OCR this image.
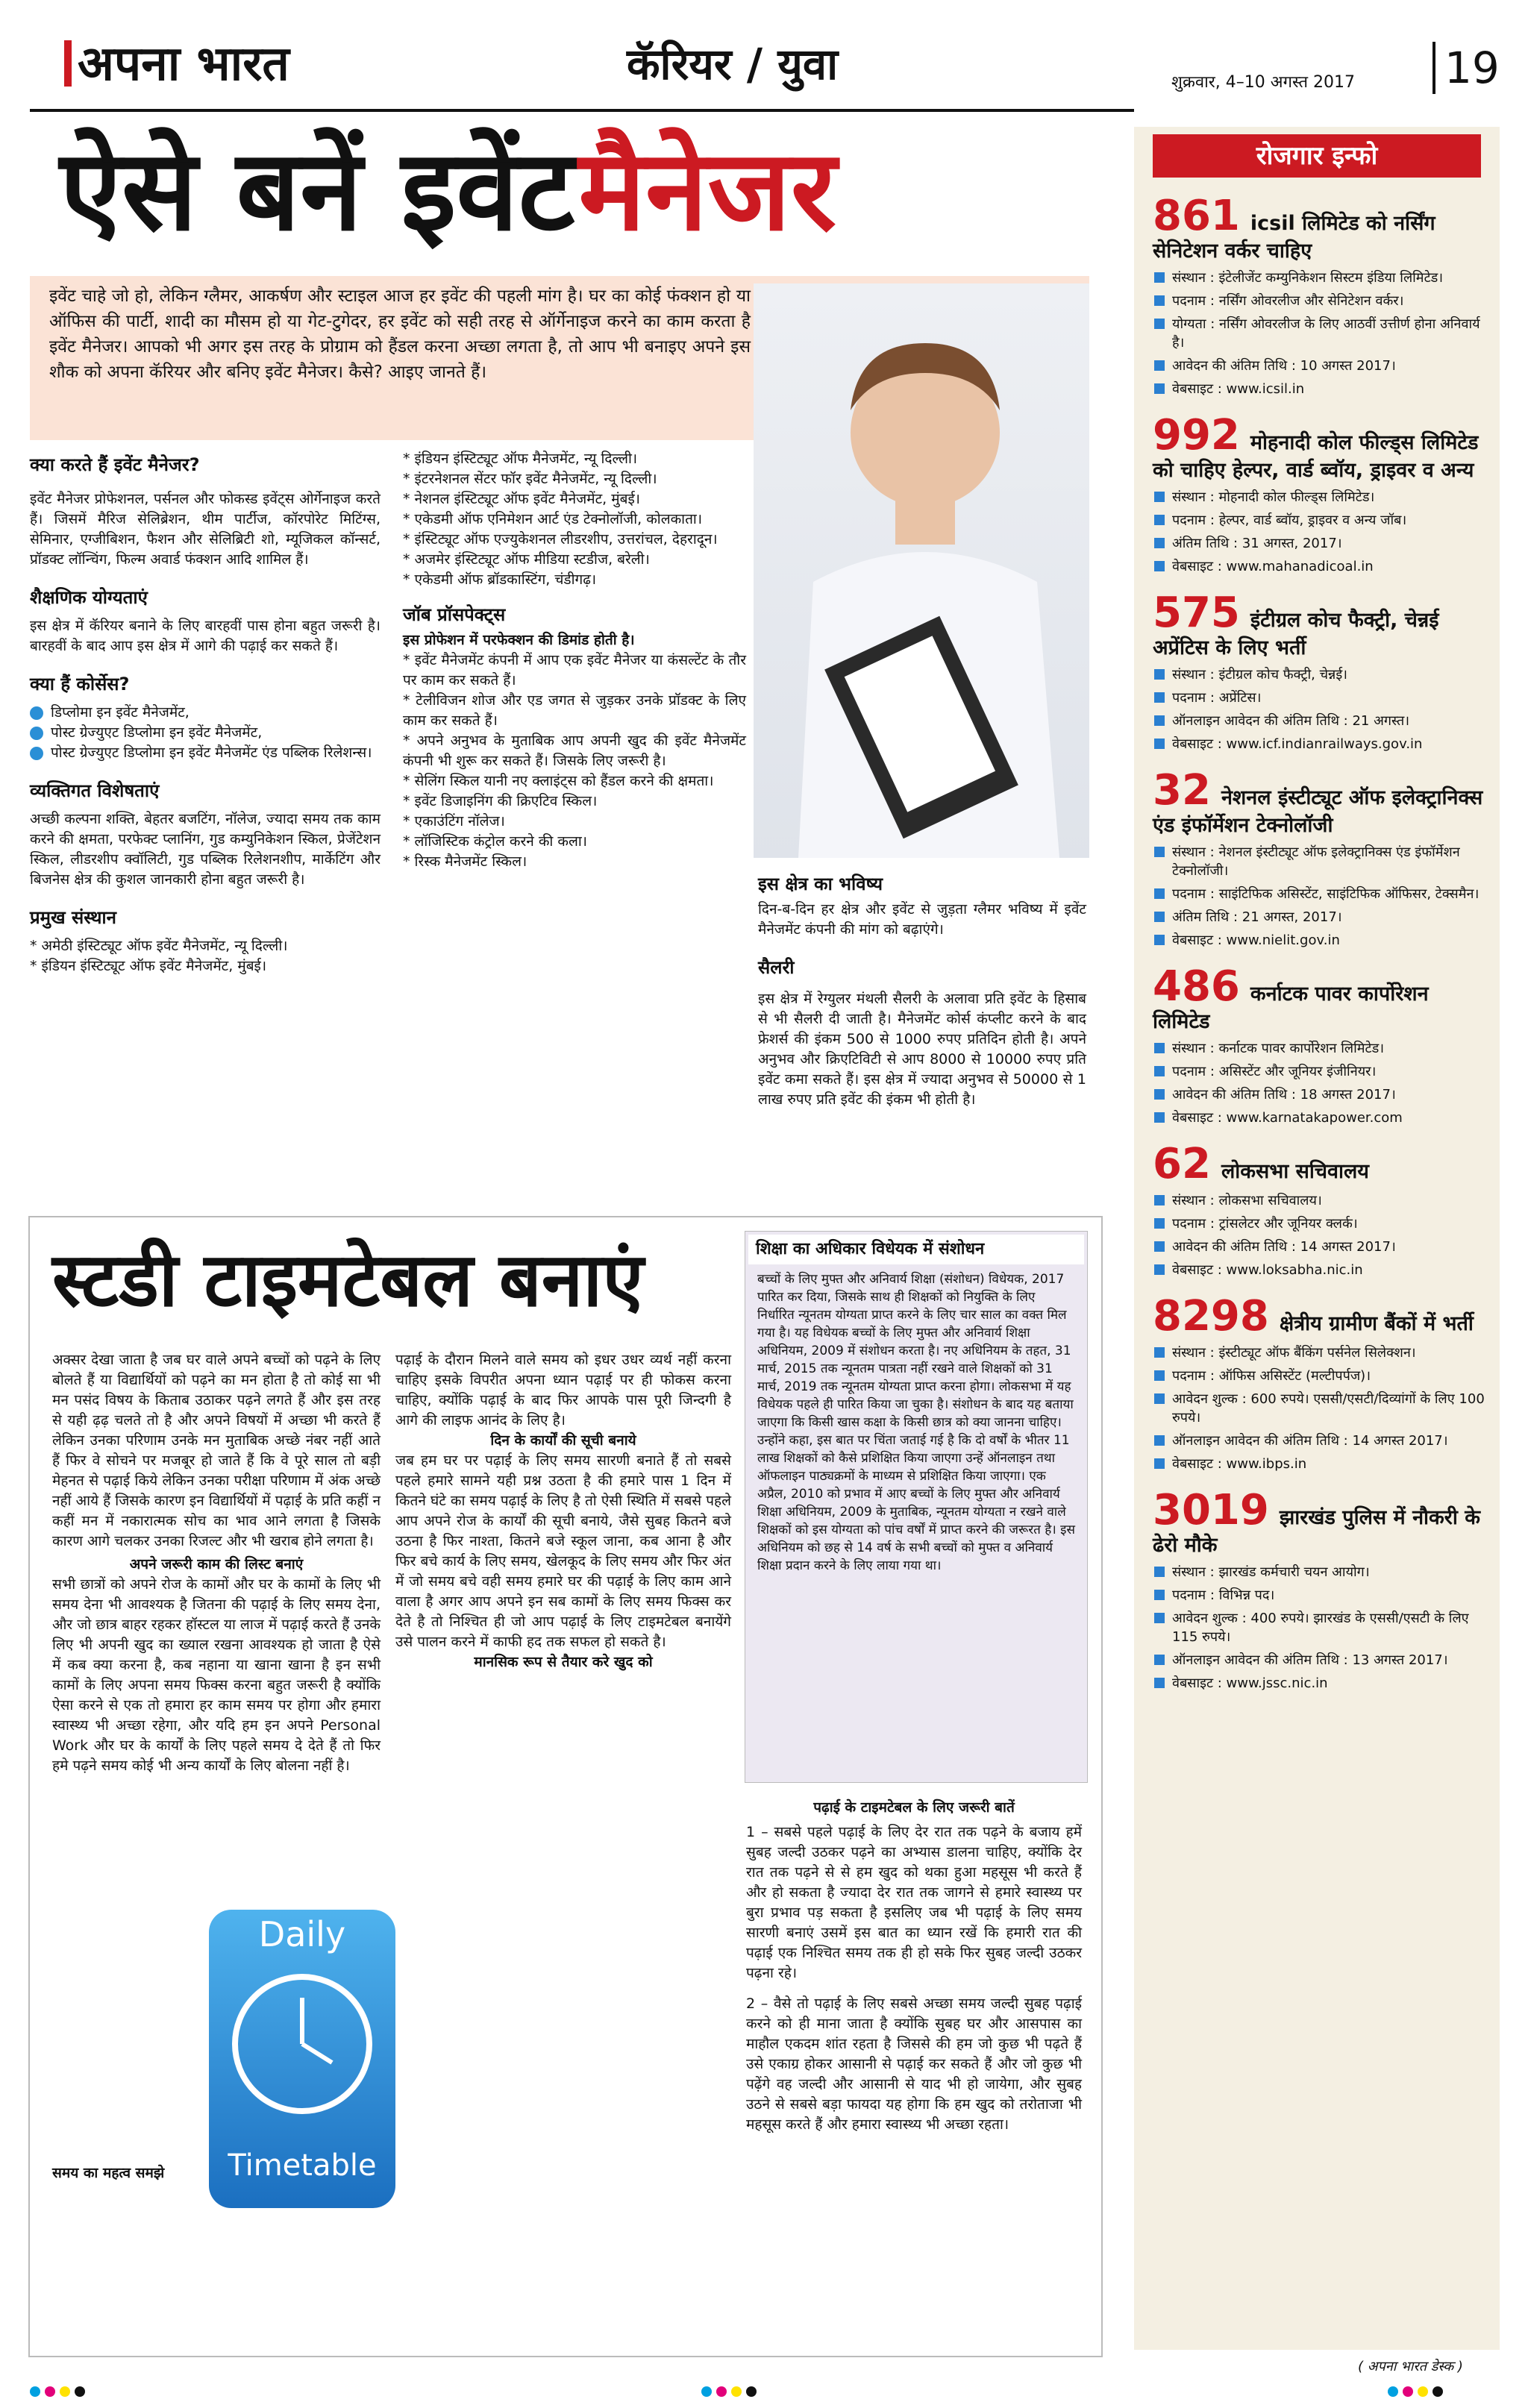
अपना भारत	कॅरियर / युवा	शुक्रवार, 4–10 अगस्त 2017 19
ऐसे बनें इवेंट मैनेजर
इवेंट चाहे जो हो, लेकिन ग्लैमर, आकर्षण और स्टाइल आज हर इवेंट की पहली मांग है। घर का कोई फंक्शन हो या ऑफिस की पार्टी, शादी का मौसम हो या गेट-टुगेदर, हर इवेंट को सही तरह से ऑर्गेनाइज करने का काम करता है इवेंट मैनेजर। आपको भी अगर इस तरह के प्रोग्राम को हैंडल करना अच्छा लगता है, तो आप भी बनाइए अपने इस शौक को अपना कॅरियर और बनिए इवेंट मैनेजर। कैसे? आइए जानते हैं।
क्या करते हैं इवेंट मैनेजर?
इवेंट मैनेजर प्रोफेशनल, पर्सनल और फोकस्ड इवेंट्स ओर्गेनाइज करते हैं। जिसमें मैरिज सेलिब्रेशन, थीम पार्टीज, कॉरपोरेट मिटिंग्स, सेमिनार, एग्जीबिशन, फैशन और सेलिब्रिटी शो, म्यूजिकल कॉन्सर्ट, प्रॉडक्ट लॉन्चिंग, फिल्म अवार्ड फंक्शन आदि शामिल हैं।
शैक्षणिक योग्यताएं
इस क्षेत्र में कॅरियर बनाने के लिए बारहवीं पास होना बहुत जरूरी है। बारहवीं के बाद आप इस क्षेत्र में आगे की पढ़ाई कर सकते हैं।
क्या हैं कोर्सेस?
डिप्लोमा इन इवेंट मैनेजमेंट,
पोस्ट ग्रेज्युएट डिप्लोमा इन इवेंट मैनेजमेंट,
पोस्ट ग्रेज्युएट डिप्लोमा इन इवेंट मैनेजमेंट एंड पब्लिक रिलेशन्स।
व्यक्तिगत विशेषताएं
अच्छी कल्पना शक्ति, बेहतर बजटिंग, नॉलेज, ज्यादा समय तक काम करने की क्षमता, परफेक्ट प्लानिंग, गुड कम्युनिकेशन स्किल, प्रेजेंटेशन स्किल, लीडरशीप क्वॉलिटी, गुड पब्लिक रिलेशनशीप, मार्केटिंग और बिजनेस क्षेत्र की कुशल जानकारी होना बहुत जरूरी है।
प्रमुख संस्थान
* अमेठी इंस्टिट्यूट ऑफ इवेंट मैनेजमेंट, न्यू दिल्ली।
* इंडियन इंस्टिट्यूट ऑफ इवेंट मैनेजमेंट, मुंबई।
* इंडियन इंस्टिट्यूट ऑफ मैनेजमेंट, न्यू दिल्ली।
* इंटरनेशनल सेंटर फॉर इवेंट मैनेजमेंट, न्यू दिल्ली।
* नेशनल इंस्टिट्यूट ऑफ इवेंट मैनेजमेंट, मुंबई।
* एकेडमी ऑफ एनिमेशन आर्ट एंड टेक्नोलॉजी, कोलकाता।
* इंस्टिट्यूट ऑफ एज्युकेशनल लीडरशीप, उत्तरांचल, देहरादून।
* अजमेर इंस्टिट्यूट ऑफ मीडिया स्टडीज, बरेली।
* एकेडमी ऑफ ब्रॉडकास्टिंग, चंडीगढ़।
जॉब प्रॉसपेक्ट्स
इस प्रोफेशन में परफेक्शन की डिमांड होती है।
* इवेंट मैनेजमेंट कंपनी में आप एक इवेंट मैनेजर या कंसल्टेंट के तौर पर काम कर सकते हैं।
* टेलीविजन शोज और एड जगत से जुड़कर उनके प्रॉडक्ट के लिए काम कर सकते हैं।
* अपने अनुभव के मुताबिक आप अपनी खुद की इवेंट मैनेजमेंट कंपनी भी शुरू कर सकते हैं। जिसके लिए जरूरी है।
* सेलिंग स्किल यानी नए क्लाइंट्स को हैंडल करने की क्षमता।
* इवेंट डिजाइनिंग की क्रिएटिव स्किल।
* एकाउंटिंग नॉलेज।
* लॉजिस्टिक कंट्रोल करने की कला।
* रिस्क मैनेजमेंट स्किल।
इस क्षेत्र का भविष्य
दिन-ब-दिन हर क्षेत्र और इवेंट से जुड़ता ग्लैमर भविष्य में इवेंट मैनेजमेंट कंपनी की मांग को बढ़ाएंगे।
सैलरी
इस क्षेत्र में रेग्युलर मंथली सैलरी के अलावा प्रति इवेंट के हिसाब से भी सैलरी दी जाती है। मैनेजमेंट कोर्स कंप्लीट करने के बाद फ्रेशर्स की इंकम 500 से 1000 रुपए प्रतिदिन होती है। अपने अनुभव और क्रिएटिविटी से आप 8000 से 10000 रुपए प्रति इवेंट कमा सकते हैं। इस क्षेत्र में ज्यादा अनुभव से 50000 से 1 लाख रुपए प्रति इवेंट की इंकम भी होती है।
स्टडी टाइमटेबल बनाएं
अक्सर देखा जाता है जब घर वाले अपने बच्चों को पढ़ने के लिए बोलते हैं या विद्यार्थियों को पढ़ने का मन होता है तो कोई सा भी मन पसंद विषय के किताब उठाकर पढ़ने लगते हैं और इस तरह से यही ढ़ढ़ चलते तो है और अपने विषयों में अच्छा भी करते हैं लेकिन उनका परिणाम उनके मन मुताबिक अच्छे नंबर नहीं आते हैं फिर वे सोचने पर मजबूर हो जाते हैं कि वे पूरे साल तो बड़ी मेहनत से पढ़ाई किये लेकिन उनका परीक्षा परिणाम में अंक अच्छे नहीं आये हैं जिसके कारण इन विद्यार्थियों में पढ़ाई के प्रति कहीं न कहीं मन में नकारात्मक सोच का भाव आने लगता है जिसके कारण आगे चलकर उनका रिजल्ट और भी खराब होने लगता है।
अपने जरूरी काम की लिस्ट बनाएं
सभी छात्रों को अपने रोज के कामों और घर के कामों के लिए भी समय देना भी आवश्यक है जितना की पढ़ाई के लिए समय देना, और जो छात्र बाहर रहकर हॉस्टल या लाज में पढ़ाई करते हैं उनके लिए भी अपनी खुद का ख्याल रखना आवश्यक हो जाता है ऐसे में कब क्या करना है, कब नहाना या खाना खाना है इन सभी कामों के लिए अपना समय फिक्स करना बहुत जरूरी है क्योंकि ऐसा करने से एक तो हमारा हर काम समय पर होगा और हमारा स्वास्थ्य भी अच्छा रहेगा, और यदि हम इन अपने Personal Work और घर के कार्यों के लिए पहले समय दे देते हैं तो फिर हमे पढ़ने समय कोई भी अन्य कार्यों के लिए बोलना नहीं है।
Daily
Timetable
समय का महत्व समझे
पढ़ाई के दौरान मिलने वाले समय को इधर उधर व्यर्थ नहीं करना चाहिए इसके विपरीत अपना ध्यान पढ़ाई पर ही फोकस करना चाहिए, क्योंकि पढ़ाई के बाद फिर आपके पास पूरी जिन्दगी है आगे की लाइफ आनंद के लिए है।
दिन के कार्यों की सूची बनाये
जब हम घर पर पढ़ाई के लिए समय सारणी बनाते हैं तो सबसे पहले हमारे सामने यही प्रश्न उठता है की हमारे पास 1 दिन में कितने घंटे का समय पढ़ाई के लिए है तो ऐसी स्थिति में सबसे पहले आप अपने रोज के कार्यों की सूची बनाये, जैसे सुबह कितने बजे उठना है फिर नाश्ता, कितने बजे स्कूल जाना, कब आना है और फिर बचे कार्य के लिए समय, खेलकूद के लिए समय और फिर अंत में जो समय बचे वही समय हमारे घर की पढ़ाई के लिए काम आने वाला है अगर आप अपने इन सब कामों के लिए समय फिक्स कर देते है तो निश्चित ही जो आप पढ़ाई के लिए टाइमटेबल बनायेंगे उसे पालन करने में काफी हद तक सफल हो सकते है।
मानसिक रूप से तैयार करे खुद को
शिक्षा का अधिकार विधेयक में संशोधन
बच्चों के लिए मुफ्त और अनिवार्य शिक्षा (संशोधन) विधेयक, 2017 पारित कर दिया, जिसके साथ ही शिक्षकों को नियुक्ति के लिए निर्धारित न्यूनतम योग्यता प्राप्त करने के लिए चार साल का वक्त मिल गया है। यह विधेयक बच्चों के लिए मुफ्त और अनिवार्य शिक्षा अधिनियम, 2009 में संशोधन करता है। नए अधिनियम के तहत, 31 मार्च, 2015 तक न्यूनतम पात्रता नहीं रखने वाले शिक्षकों को 31 मार्च, 2019 तक न्यूनतम योग्यता प्राप्त करना होगा। लोकसभा में यह विधेयक पहले ही पारित किया जा चुका है। संशोधन के बाद यह बताया जाएगा कि किसी खास कक्षा के किसी छात्र को क्या जानना चाहिए। उन्होंने कहा, इस बात पर चिंता जताई गई है कि दो वर्षों के भीतर 11 लाख शिक्षकों को कैसे प्रशिक्षित किया जाएगा उन्हें ऑनलाइन तथा ऑफलाइन पाठ्यक्रमों के माध्यम से प्रशिक्षित किया जाएगा। एक अप्रैल, 2010 को प्रभाव में आए बच्चों के लिए मुफ्त और अनिवार्य शिक्षा अधिनियम, 2009 के मुताबिक, न्यूनतम योग्यता न रखने वाले शिक्षकों को इस योग्यता को पांच वर्षों में प्राप्त करने की जरूरत है। इस अधिनियम को छह से 14 वर्ष के सभी बच्चों को मुफ्त व अनिवार्य शिक्षा प्रदान करने के लिए लाया गया था।
पढ़ाई के टाइमटेबल के लिए जरूरी बातें
1 – सबसे पहले पढ़ाई के लिए देर रात तक पढ़ने के बजाय हमें सुबह जल्दी उठकर पढ़ने का अभ्यास डालना चाहिए, क्योंकि देर रात तक पढ़ने से से हम खुद को थका हुआ महसूस भी करते हैं और हो सकता है ज्यादा देर रात तक जागने से हमारे स्वास्थ्य पर बुरा प्रभाव पड़ सकता है इसलिए जब भी पढ़ाई के लिए समय सारणी बनाएं उसमें इस बात का ध्यान रखें कि हमारी रात की पढ़ाई एक निश्चित समय तक ही हो सके फिर सुबह जल्दी उठकर पढ़ना रहे।
2 – वैसे तो पढ़ाई के लिए सबसे अच्छा समय जल्दी सुबह पढ़ाई करने को ही माना जाता है क्योंकि सुबह घर और आसपास का माहौल एकदम शांत रहता है जिससे की हम जो कुछ भी पढ़ते हैं उसे एकाग्र होकर आसानी से पढ़ाई कर सकते हैं और जो कुछ भी पढ़ेंगे वह जल्दी और आसानी से याद भी हो जायेगा, और सुबह उठने से सबसे बड़ा फायदा यह होगा कि हम खुद को तरोताजा भी महसूस करते हैं और हमारा स्वास्थ्य भी अच्छा रहता।
रोजगार इन्फो
861 icsil लिमिटेड को नर्सिंग सेनिटेशन वर्कर चाहिए
संस्थान : इंटेलीजेंट कम्युनिकेशन सिस्टम इंडिया लिमिटेड।
पदनाम : नर्सिंग ओवरलीज और सेनिटेशन वर्कर।
योग्यता : नर्सिंग ओवरलीज के लिए आठवीं उत्तीर्ण होना अनिवार्य है।
आवेदन की अंतिम तिथि : 10 अगस्त 2017।
वेबसाइट : www.icsil.in
992 मोहनादी कोल फील्ड्स लिमिटेड को चाहिए हेल्पर, वार्ड ब्वॉय, ड्राइवर व अन्य
संस्थान : मोहनादी कोल फील्ड्स लिमिटेड।
पदनाम : हेल्पर, वार्ड ब्वॉय, ड्राइवर व अन्य जॉब।
अंतिम तिथि : 31 अगस्त, 2017।
वेबसाइट : www.mahanadicoal.in
575 इंटीग्रल कोच फैक्ट्री, चेन्नई अप्रेंटिस के लिए भर्ती
संस्थान : इंटीग्रल कोच फैक्ट्री, चेन्नई।
पदनाम : अप्रेंटिस।
ऑनलाइन आवेदन की अंतिम तिथि : 21 अगस्त।
वेबसाइट : www.icf.indianrailways.gov.in
32 नेशनल इंस्टीट्यूट ऑफ इलेक्ट्रानिक्स एंड इंफॉर्मेशन टेक्नोलॉजी
संस्थान : नेशनल इंस्टीट्यूट ऑफ इलेक्ट्रानिक्स एंड इंफॉर्मेशन टेक्नोलॉजी।
पदनाम : साइंटिफिक असिस्टेंट, साइंटिफिक ऑफिसर, टेक्समैन।
अंतिम तिथि : 21 अगस्त, 2017।
वेबसाइट : www.nielit.gov.in
486 कर्नाटक पावर कार्पोरेशन लिमिटेड
संस्थान : कर्नाटक पावर कार्पोरेशन लिमिटेड।
पदनाम : असिस्टेंट और जूनियर इंजीनियर।
आवेदन की अंतिम तिथि : 18 अगस्त 2017।
वेबसाइट : www.karnatakapower.com
62 लोकसभा सचिवालय
संस्थान : लोकसभा सचिवालय।
पदनाम : ट्रांसलेटर और जूनियर क्लर्क।
आवेदन की अंतिम तिथि : 14 अगस्त 2017।
वेबसाइट : www.loksabha.nic.in
8298 क्षेत्रीय ग्रामीण बैंकों में भर्ती
संस्थान : इंस्टीट्यूट ऑफ बैंकिंग पर्सनेल सिलेक्शन।
पदनाम : ऑफिस असिस्टेंट (मल्टीपर्पज)।
आवेदन शुल्क : 600 रुपये। एससी/एसटी/दिव्यांगों के लिए 100 रुपये।
ऑनलाइन आवेदन की अंतिम तिथि : 14 अगस्त 2017।
वेबसाइट : www.ibps.in
3019 झारखंड पुलिस में नौकरी के ढेरो मौके
संस्थान : झारखंड कर्मचारी चयन आयोग।
पदनाम : विभिन्न पद।
आवेदन शुल्क : 400 रुपये। झारखंड के एससी/एसटी के लिए 115 रुपये।
ऑनलाइन आवेदन की अंतिम तिथि : 13 अगस्त 2017।
वेबसाइट : www.jssc.nic.in
( अपना भारत डेस्क )
